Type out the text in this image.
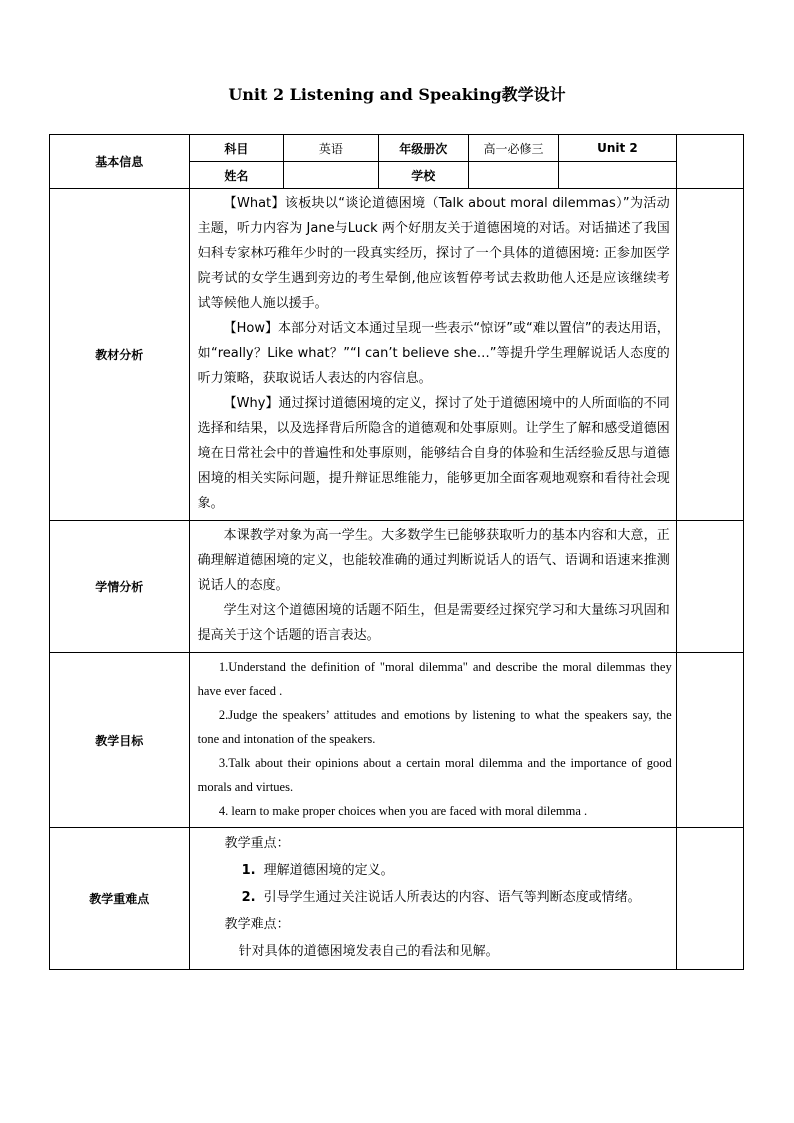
Unit 2 Listening and Speaking教学设计
基本信息	科目	英语	年级册次	高一必修三	Unit 2	
	姓名		学校			
教材分析	【What】该板块以“谈论道德困境（Talk about moral dilemmas）”为活动主题，听力内容为 Jane与Luck 两个好朋友关于道德困境的对话。对话描述了我国妇科专家林巧稚年少时的一段真实经历，探讨了一个具体的道德困境: 正参加医学院考试的女学生遇到旁边的考生晕倒,他应该暂停考试去救助他人还是应该继续考试等候他人施以援手。

【How】本部分对话文本通过呈现一些表示“惊讶”或“难以置信”的表达用语，如“really？Like what？”“I can’t believe she…”等提升学生理解说话人态度的听力策略，获取说话人表达的内容信息。

【Why】通过探讨道德困境的定义，探讨了处于道德困境中的人所面临的不同选择和结果，以及选择背后所隐含的道德观和处事原则。让学生了解和感受道德困境在日常社会中的普遍性和处事原则，能够结合自身的体验和生活经验反思与道德困境的相关实际问题，提升辩证思维能力，能够更加全面客观地观察和看待社会现象。					

学情分析	本课教学对象为高一学生。大多数学生已能够获取听力的基本内容和大意，正确理解道德困境的定义，也能较准确的通过判断说话人的语气、语调和语速来推测说话人的态度。

学生对这个道德困境的话题不陌生，但是需要经过探究学习和大量练习巩固和提高关于这个话题的语言表达。					

教学目标	1.Understand the definition of "moral dilemma" and describe the moral dilemmas they have ever faced .

2.Judge the speakers’ attitudes and emotions by listening to what the speakers say, the tone and intonation of the speakers.

3.Talk about their opinions about a certain moral dilemma and the importance of good morals and virtues.

4. learn to make proper choices when you are faced with moral dilemma .					

教学重难点	教学重点：

1. 理解道德困境的定义。

2. 引导学生通过关注说话人所表达的内容、语气等判断态度或情绪。

教学难点：

针对具体的道德困境发表自己的看法和见解。					
